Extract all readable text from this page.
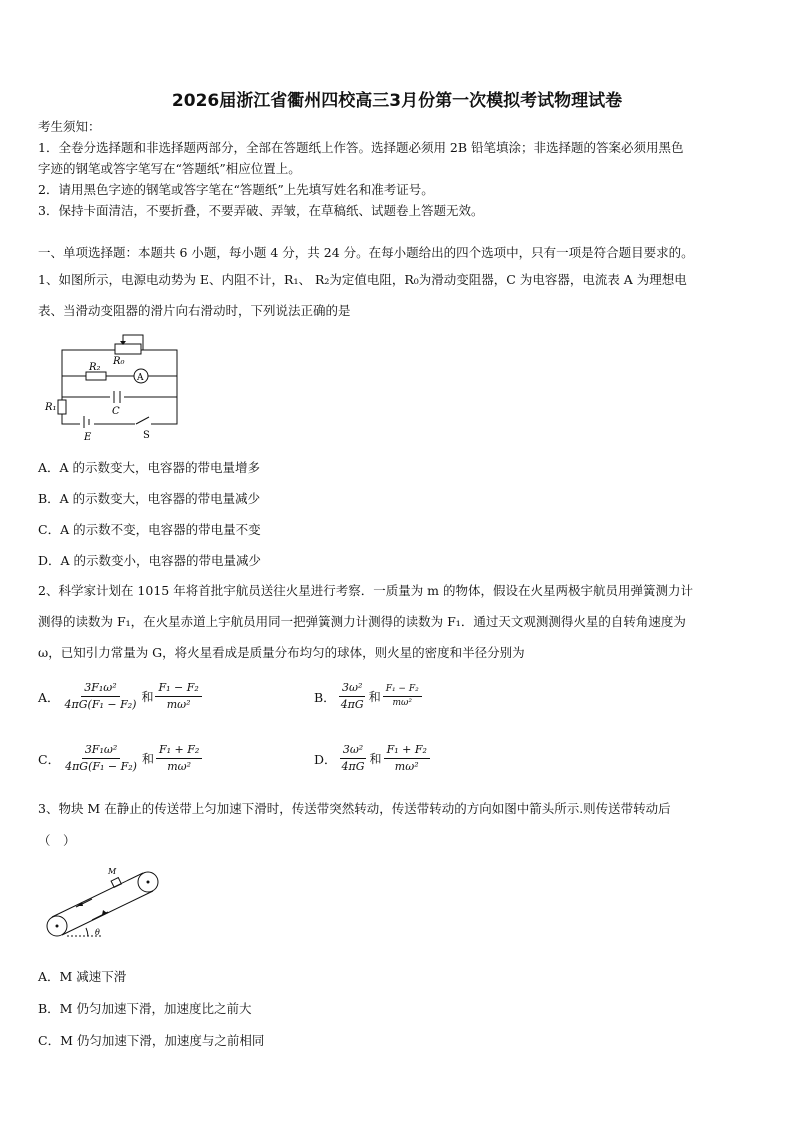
2026届浙江省衢州四校高三3月份第一次模拟考试物理试卷
考生须知：
1．全卷分选择题和非选择题两部分，全部在答题纸上作答。选择题必须用 2B 铅笔填涂；非选择题的答案必须用黑色
字迹的钢笔或答字笔写在“答题纸”相应位置上。
2．请用黑色字迹的钢笔或答字笔在“答题纸”上先填写姓名和准考证号。
3．保持卡面清洁，不要折叠，不要弄破、弄皱，在草稿纸、试题卷上答题无效。
一、单项选择题：本题共 6 小题，每小题 4 分，共 24 分。在每小题给出的四个选项中，只有一项是符合题目要求的。
1、如图所示，电源电动势为 E、内阻不计，R₁、 R₂为定值电阻，R₀为滑动变阻器，C 为电容器，电流表 A 为理想电
表、当滑动变阻器的滑片向右滑动时，下列说法正确的是
R₀
R₂
A
C
R₁
E	S
A．A 的示数变大，电容器的带电量增多
B．A 的示数变大，电容器的带电量减少
C．A 的示数不变，电容器的带电量不变
D．A 的示数变小，电容器的带电量减少
2、科学家计划在 1015 年将首批宇航员送往火星进行考察．一质量为 m 的物体，假设在火星两极宇航员用弹簧测力计
测得的读数为 F₁，在火星赤道上宇航员用同一把弹簧测力计测得的读数为 F₁．通过天文观测测得火星的自转角速度为
ω，已知引力常量为 G，将火星看成是质量分布均匀的球体，则火星的密度和半径分别为
A． $\frac{\text{3F₁ω²}}{\text{4πG(F₁ − F₂)}}$ 和 $\frac{\text{F₁ − F₂}}{\text{mω²}}$	B． $\frac{\text{3ω²}}{4\pi G}$ 和 $\frac{\text{F₁ − F₂}}{\text{mω²}}$
C． $\frac{\text{3F₁ω²}}{\text{4πG(F₁ − F₂)}}$ 和 $\frac{\text{F₁ + F₂}}{\text{mω²}}$	D． $\frac{\text{3ω²}}{4\pi G}$ 和 $\frac{\text{F₁ + F₂}}{\text{mω²}}$
3、物块 M 在静止的传送带上匀加速下滑时，传送带突然转动，传送带转动的方向如图中箭头所示.则传送带转动后
（　）
M
θ
A．M 减速下滑
B．M 仍匀加速下滑，加速度比之前大
C．M 仍匀加速下滑，加速度与之前相同
